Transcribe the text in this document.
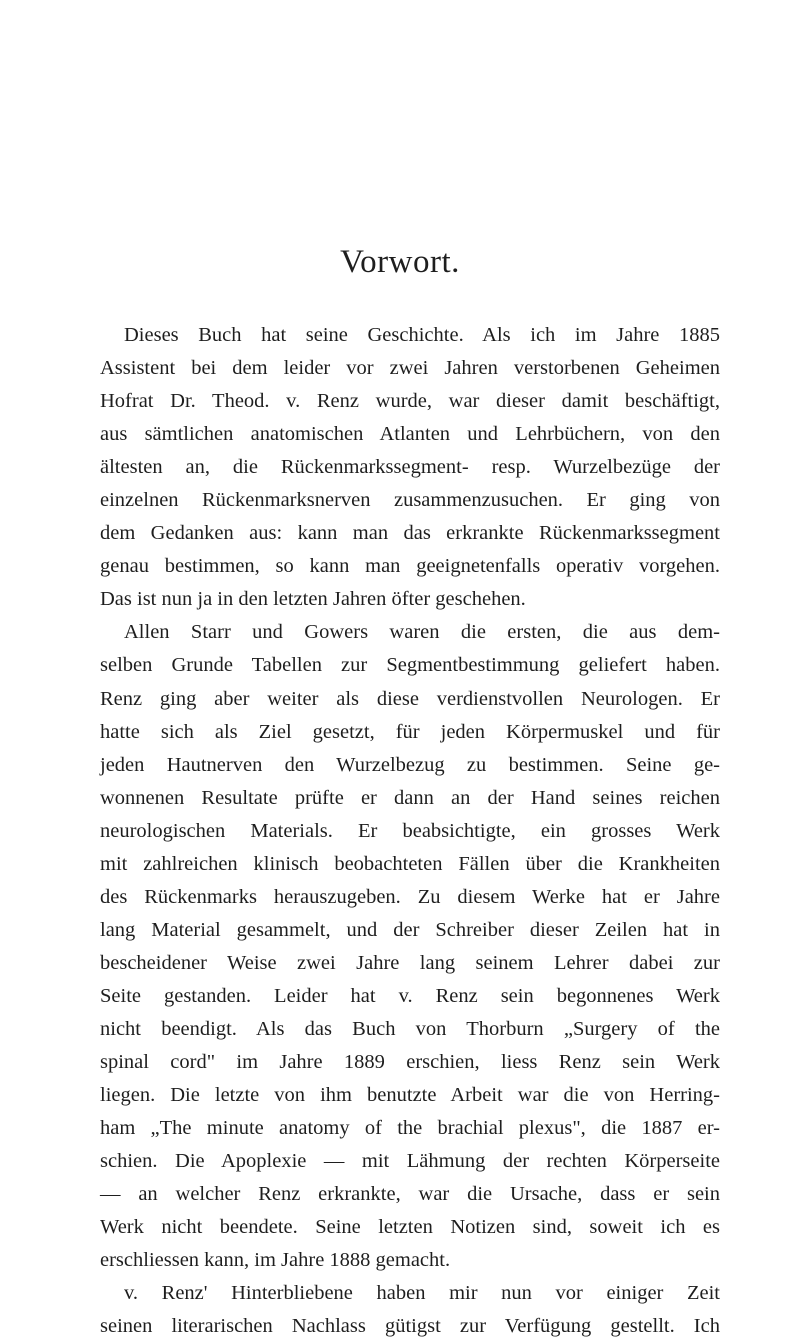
Vorwort.
Dieses Buch hat seine Geschichte. Als ich im Jahre 1885
Assistent bei dem leider vor zwei Jahren verstorbenen Geheimen
Hofrat Dr. Theod. v. Renz wurde, war dieser damit beschäftigt,
aus sämtlichen anatomischen Atlanten und Lehrbüchern, von den
ältesten an, die Rückenmarkssegment- resp. Wurzelbezüge der
einzelnen Rückenmarksnerven zusammenzusuchen. Er ging von
dem Gedanken aus: kann man das erkrankte Rückenmarkssegment
genau bestimmen, so kann man geeignetenfalls operativ vorgehen.
Das ist nun ja in den letzten Jahren öfter geschehen.
Allen Starr und Gowers waren die ersten, die aus dem-
selben Grunde Tabellen zur Segmentbestimmung geliefert haben.
Renz ging aber weiter als diese verdienstvollen Neurologen. Er
hatte sich als Ziel gesetzt, für jeden Körpermuskel und für
jeden Hautnerven den Wurzelbezug zu bestimmen. Seine ge-
wonnenen Resultate prüfte er dann an der Hand seines reichen
neurologischen Materials. Er beabsichtigte, ein grosses Werk
mit zahlreichen klinisch beobachteten Fällen über die Krankheiten
des Rückenmarks herauszugeben. Zu diesem Werke hat er Jahre
lang Material gesammelt, und der Schreiber dieser Zeilen hat in
bescheidener Weise zwei Jahre lang seinem Lehrer dabei zur
Seite gestanden. Leider hat v. Renz sein begonnenes Werk
nicht beendigt. Als das Buch von Thorburn „Surgery of the
spinal cord" im Jahre 1889 erschien, liess Renz sein Werk
liegen. Die letzte von ihm benutzte Arbeit war die von Herring-
ham „The minute anatomy of the brachial plexus", die 1887 er-
schien. Die Apoplexie — mit Lähmung der rechten Körperseite
— an welcher Renz erkrankte, war die Ursache, dass er sein
Werk nicht beendete. Seine letzten Notizen sind, soweit ich es
erschliessen kann, im Jahre 1888 gemacht.
v. Renz' Hinterbliebene haben mir nun vor einiger Zeit
seinen literarischen Nachlass gütigst zur Verfügung gestellt. Ich
